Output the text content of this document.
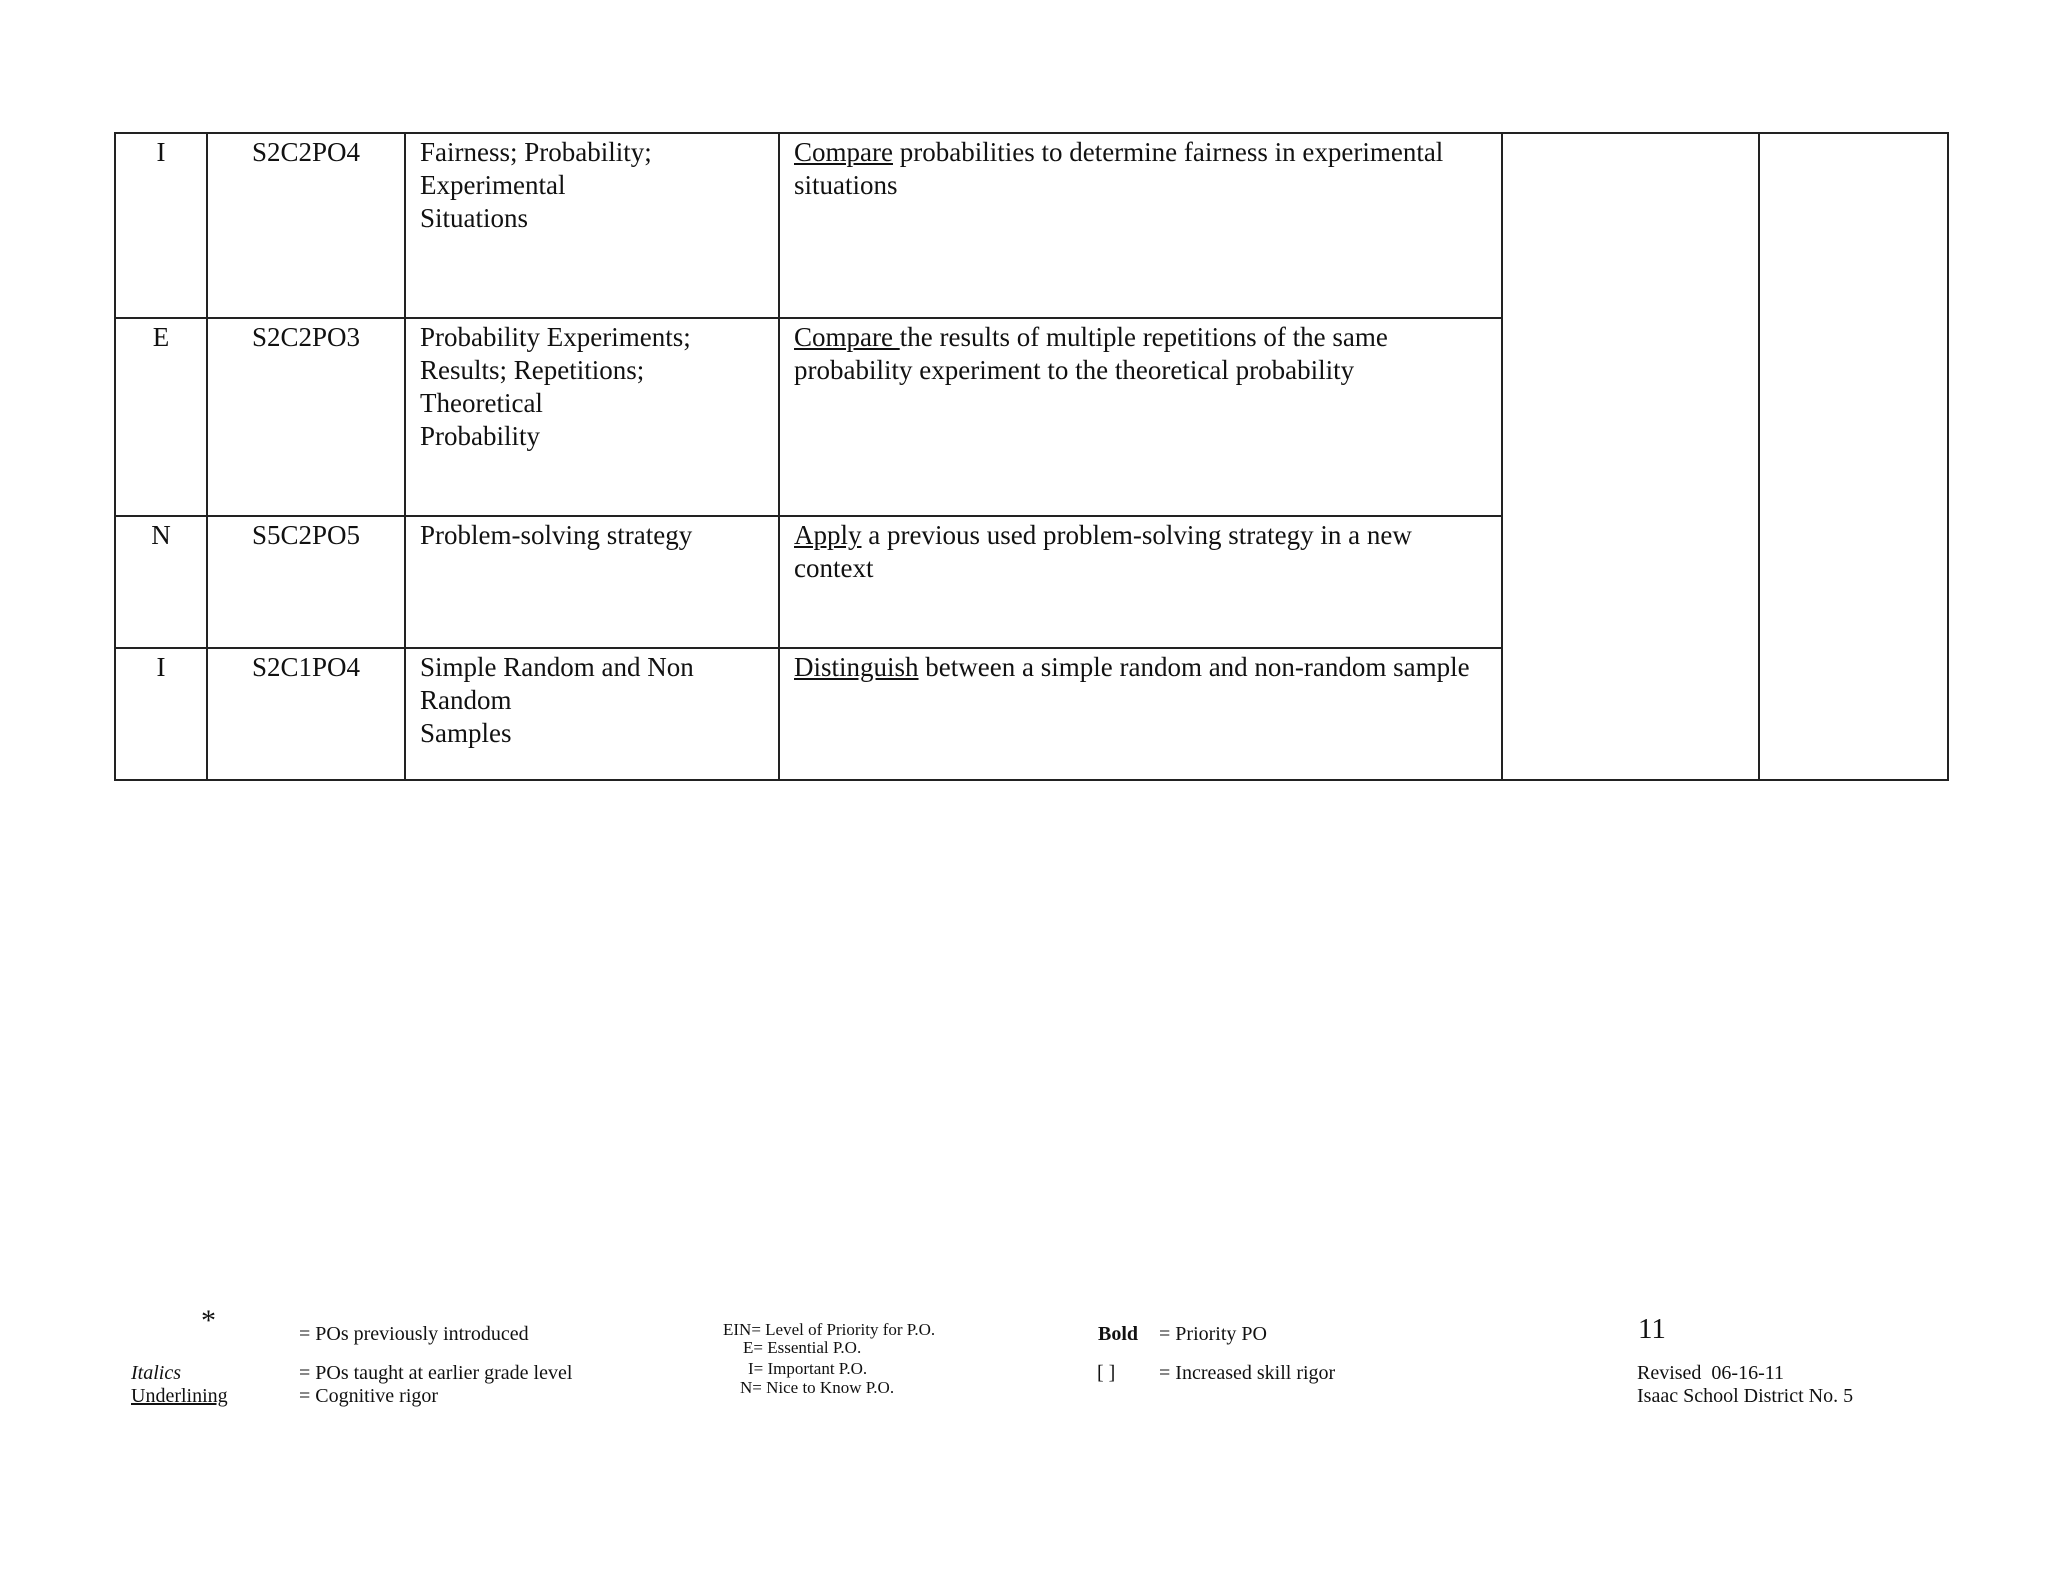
I	S2C2PO4	Fairness; Probability;
Experimental
Situations	Compare probabilities to determine fairness in experimental situations		
E	S2C2PO3	Probability Experiments;
Results; Repetitions;
Theoretical
Probability	Compare the results of multiple repetitions of the same probability experiment to the theoretical probability		
N	S5C2PO5	Problem-solving strategy	Apply a previous used problem-solving strategy in a new context		
I	S2C1PO4	Simple Random and Non
Random
Samples	Distinguish between a simple random and non-random sample		
*	= POs previously introduced
Italics	= POs taught at earlier grade level
Underlining	= Cognitive rigor
EIN= Level of Priority for P.O.
E= Essential P.O.
I= Important P.O.
N= Nice to Know P.O.
Bold = Priority PO
[ ] = Increased skill rigor
11
Revised  06-16-11
Isaac School District No. 5
